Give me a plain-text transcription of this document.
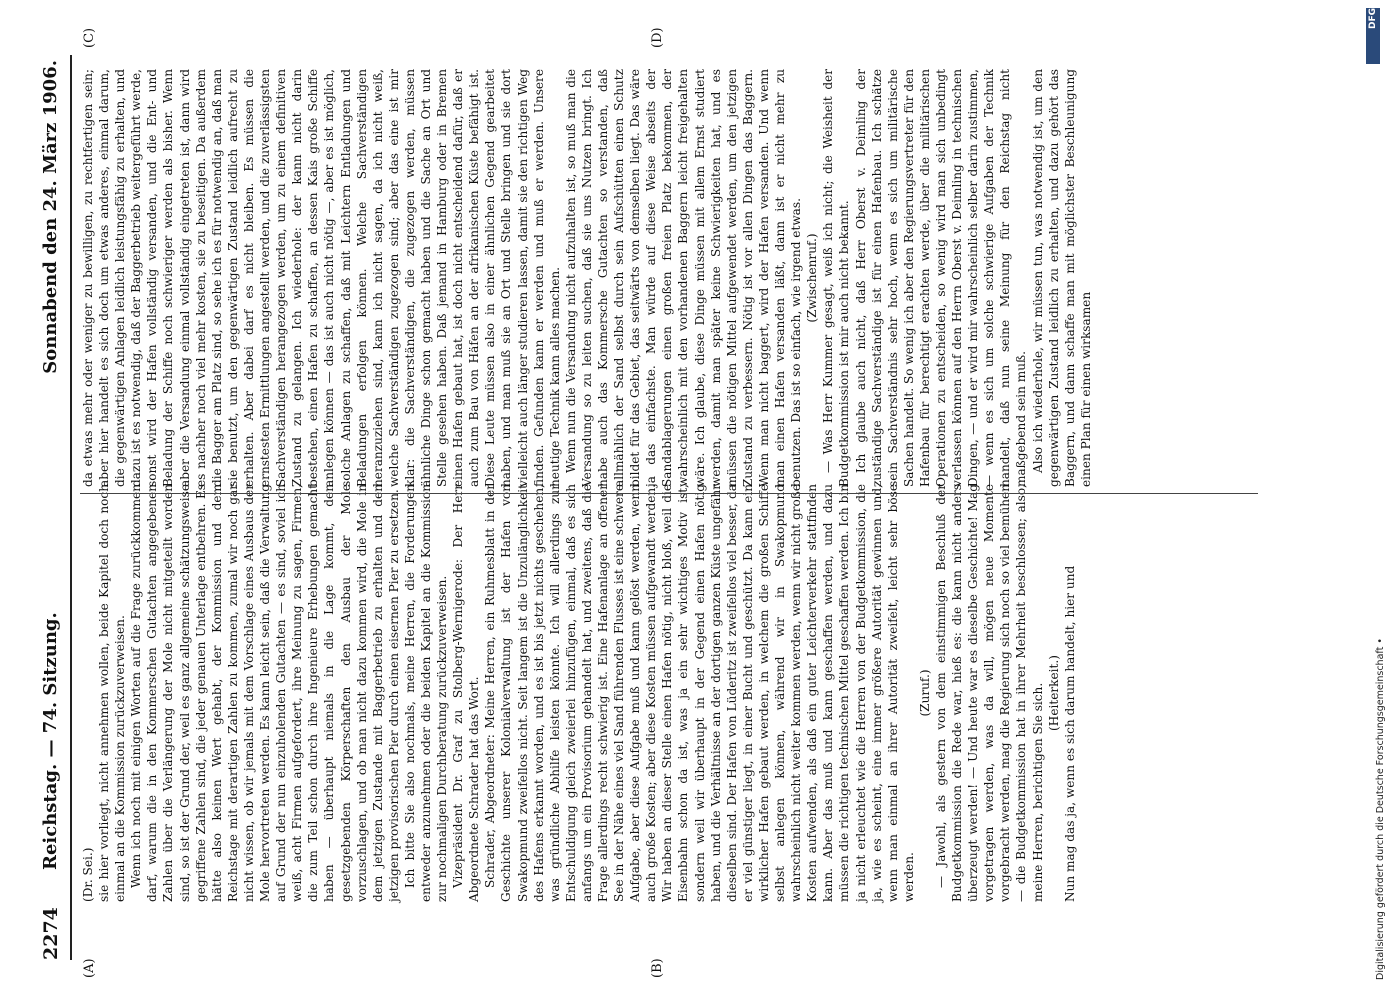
2274
Reichstag. — 74. Sitzung.
Sonnabend den 24. März 1906.
(A)	(B)
(C)	(D)

(Dr. Sei.) sie hier vorliegt, nicht annehmen wollen, beide Kapitel doch noch einmal an die Kommission zurückzuverweisen. Wenn ich noch mit einigen Worten auf die Frage zurückkommen darf, warum die in den Kommerschen Gutachten angegebenen Zahlen über die Verlängerung der Mole nicht mitgeteilt worden sind, so ist der Grund der, weil es ganz allgemeine schätzungsweise gegriffene Zahlen sind, die jeder genauen Unterlage entbehren. Es hätte also keinen Wert gehabt, der Kommission und dem Reichstage mit derartigen Zahlen zu kommen, zumal wir noch gar nicht wissen, ob wir jemals mit dem Vorschlage eines Ausbaus der Mole hervortreten werden. Es kann leicht sein, daß die Verwaltung auf Grund der nun einzuholenden Gutachten — es sind, soviel ich weiß, acht Firmen aufgefordert, ihre Meinung zu sagen, Firmen, die zum Teil schon durch ihre Ingenieure Erhebungen gemacht haben — überhaupt niemals in die Lage kommt, den gesetzgebenden Körperschaften den Ausbau der Mole vorzuschlagen, und ob man nicht dazu kommen wird, die Mole in dem jetzigen Zustande mit Baggerbetrieb zu erhalten und den jetzigen provisorischen Pier durch einen eisernen Pier zu ersetzen. Ich bitte Sie also nochmals, meine Herren, die Forderungen entweder anzunehmen oder die beiden Kapitel an die Kommission zur nochmaligen Durchberatung zurückzuverweisen. Vizepräsident Dr. Graf zu Stolberg-Wernigerode: Der Herr Abgeordnete Schrader hat das Wort. Schrader, Abgeordneter: Meine Herren, ein Ruhmesblatt in der Geschichte unserer Kolonialverwaltung ist der Hafen von Swakopmund zweifellos nicht. Seit langem ist die Unzulänglichkeit des Hafens erkannt worden, und es ist bis jetzt nichts geschehen, was gründliche Abhilfe leisten könnte. Ich will allerdings zur Entschuldigung gleich zweierlei hinzufügen, einmal, daß es sich anfangs um ein Provisorium gehandelt hat, und zweitens, daß die Frage allerdings recht schwierig ist. Eine Hafenanlage an offener See in der Nähe eines viel Sand führenden Flusses ist eine schwere Aufgabe, aber diese Aufgabe muß und kann gelöst werden, wenn auch große Kosten; aber diese Kosten müssen aufgewandt werden. Wir haben an dieser Stelle einen Hafen nötig, nicht bloß, weil die Eisenbahn schon da ist, was ja ein sehr wichtiges Motiv ist, sondern weil wir überhaupt in der Gegend einen Hafen nötig haben, und die Verhältnisse an der dortigen ganzen Küste ungefähr dieselben sind. Der Hafen von Lüderitz ist zweifellos viel besser, da er viel günstiger liegt, in einer Bucht und geschützt. Da kann ein wirklicher Hafen gebaut werden, in welchem die großen Schiffe selbst anlegen können, während wir in Swakopmund wahrscheinlich nicht weiter kommen werden, wenn wir nicht große Kosten aufwenden, als daß ein guter Leichterverkehr stattfinden kann. Aber das muß und kann geschaffen werden, und dazu müssen die richtigen technischen Mittel geschaffen werden. Ich bin ja nicht erleuchtet wie die Herren von der Budgetkommission, die ja, wie es scheint, eine immer größere Autorität gewinnen und, wenn man einmal an ihrer Autorität zweifelt, leicht sehr böse werden.

(Zuruf.) — Jawohl, als gestern von dem einstimmigen Beschluß der Budgetkommission die Rede war, hieß es: die kann nicht anders überzeugt werden! — Und heute war es dieselbe Geschichte! Mag vorgetragen werden, was da will, mögen neue Momente vorgebracht werden, mag die Regierung sich noch so viel bemühen — die Budgetkommission hat in ihrer Mehrheit beschlossen; also, meine Herren, berichtigen Sie sich. (Heiterkeit.) Nun mag das ja, wenn es sich darum handelt, hier und

da etwas mehr oder weniger zu bewilligen, zu rechtfertigen sein; aber hier handelt es sich doch um etwas anderes, einmal darum, die gegenwärtigen Anlagen leidlich leistungsfähig zu erhalten, und dazu ist es notwendig, daß der Baggerbetrieb weitergeführt werde, sonst wird der Hafen vollständig versanden, und die Ent- und Beladung der Schiffe noch schwieriger werden als bisher. Wenn aber die Versandung einmal vollständig eingetreten ist, dann wird es nachher noch viel mehr kosten, sie zu beseitigen. Da außerdem die Bagger am Platz sind, so sehe ich es für notwendig an, daß man sie benutzt, um den gegenwärtigen Zustand leidlich aufrecht zu erhalten. Aber dabei darf es nicht bleiben. Es müssen die ernstesten Ermittlungen angestellt werden, und die zuverlässigsten Sachverständigen herangezogen werden, um zu einem definitiven Zustand zu gelangen. Ich wiederhole: der kann nicht darin bestehen, einen Hafen zu schaffen, an dessen Kais große Schiffe anlegen können — das ist auch nicht nötig —, aber es ist möglich, solche Anlagen zu schaffen, daß mit Leichtern Entladungen und Beladungen erfolgen können. Welche Sachverständigen heranzuziehen sind, kann ich nicht sagen, da ich nicht weiß, welche Sachverständigen zugezogen sind; aber das eine ist mir klar: die Sachverständigen, die zugezogen werden, müssen ähnliche Dinge schon gemacht haben und die Sache an Ort und Stelle gesehen haben. Daß jemand in Hamburg oder in Bremen einen Hafen gebaut hat, ist doch nicht entscheidend dafür, daß er auch zum Bau von Häfen an der afrikanischen Küste befähigt ist. Diese Leute müssen also in einer ähnlichen Gegend gearbeitet haben, und man muß sie an Ort und Stelle bringen und sie dort vielleicht auch länger studieren lassen, damit sie den richtigen Weg finden. Gefunden kann er werden und muß er werden. Unsere heutige Technik kann alles machen. Wenn nun die Versandung nicht aufzuhalten ist, so muß man die Versandung so zu leiten suchen, daß sie uns Nutzen bringt. Ich habe auch das Kommersche Gutachten so verstanden, daß allmählich der Sand selbst durch sein Aufschütten einen Schutz bildet für das Gebiet, das seitwärts von demselben liegt. Das wäre ja das einfachste. Man würde auf diese Weise abseits der Sandablagerungen einen großen freien Platz bekommen, der wahrscheinlich mit den vorhandenen Baggern leicht freigehalten wäre. Ich glaube, diese Dinge müssen mit allem Ernst studiert werden, damit man später keine Schwierigkeiten hat, und es müssen die nötigen Mittel aufgewendet werden, um den jetzigen Zustand zu verbessern. Nötig ist vor allen Dingen das Baggern. Wenn man nicht baggert, wird der Hafen versanden. Und wenn man einen Hafen versanden läßt, dann ist er nicht mehr zu benutzen. Das ist so einfach, wie irgend etwas. (Zwischenruf.) — Was Herr Kummer gesagt, weiß ich nicht; die Weisheit der Budgetkommission ist mir auch nicht bekannt. Ich glaube auch nicht, daß Herr Oberst v. Deimling der zuständige Sachverständige ist für einen Hafenbau. Ich schätze sein Sachverständnis sehr hoch, wenn es sich um militärische Sachen handelt. So wenig ich aber den Regierungsvertreter für den Hafenbau für berechtigt erachten werde, über die militärischen Operationen zu entscheiden, so wenig wird man sich unbedingt verlassen können auf den Herrn Oberst v. Deimling in technischen Dingen, — und er wird mir wahrscheinlich selber darin zustimmen, — wenn es sich um solche schwierige Aufgaben der Technik handelt, daß nun seine Meinung für den Reichstag nicht maßgebend sein muß. Also ich wiederhole, wir müssen tun, was notwendig ist, um den gegenwärtigen Zustand leidlich zu erhalten, und dazu gehört das Baggern, und dann schaffe man mit möglichster Beschleunigung einen Plan für einen wirksamen

Digitalisierung gefördert durch die Deutsche Forschungsgemeinschaft •
DFG
